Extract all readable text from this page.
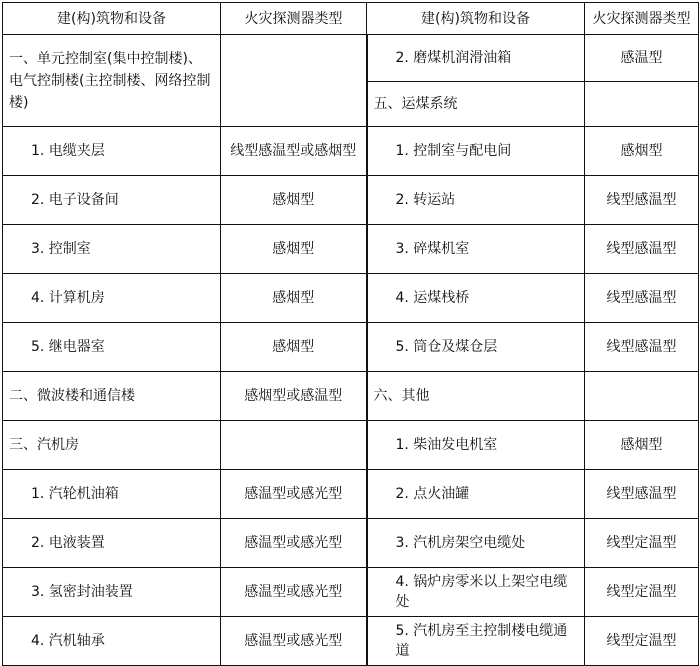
建(构)筑物和设备	火灾探测器类型	建(构)筑物和设备	火灾探测器类型
一、单元控制室(集中控制楼)、电气控制楼(主控制楼、网络控制楼)		2. 磨煤机润滑油箱	感温型
		五、运煤系统	
1. 电缆夹层	线型感温型或感烟型	1. 控制室与配电间	感烟型
2. 电子设备间	感烟型	2. 转运站	线型感温型
3. 控制室	感烟型	3. 碎煤机室	线型感温型
4. 计算机房	感烟型	4. 运煤栈桥	线型感温型
5. 继电器室	感烟型	5. 筒仓及煤仓层	线型感温型
二、微波楼和通信楼	感烟型或感温型	六、其他	
三、汽机房		1. 柴油发电机室	感烟型
1. 汽轮机油箱	感温型或感光型	2. 点火油罐	线型感温型
2. 电液装置	感温型或感光型	3. 汽机房架空电缆处	线型定温型
3. 氢密封油装置	感温型或感光型	4. 锅炉房零米以上架空电缆处	线型定温型
4. 汽机轴承	感温型或感光型	5. 汽机房至主控制楼电缆通道	线型定温型
